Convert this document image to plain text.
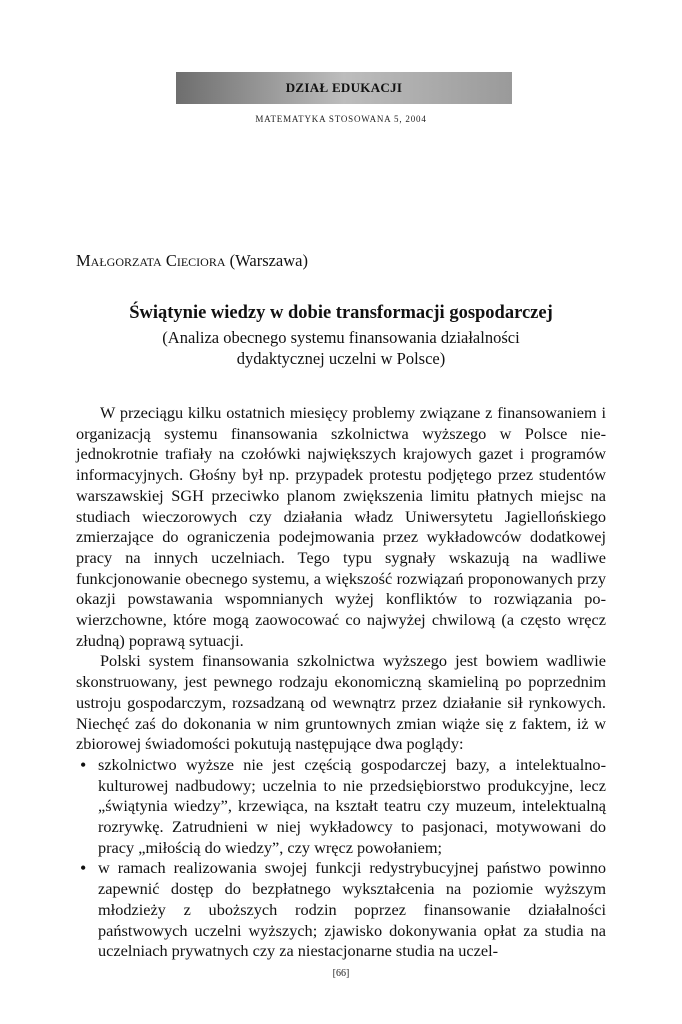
DZIAŁ EDUKACJI
MATEMATYKA STOSOWANA 5, 2004
Małgorzata Cieciora (Warszawa)
Świątynie wiedzy w dobie transformacji gospodarczej
(Analiza obecnego systemu finansowania działalności
dydaktycznej uczelni w Polsce)

W przeciągu kilku ostatnich miesięcy problemy związane z finansowaniem i organizacją systemu finansowania szkolnictwa wyższego w Polsce niejednokrotnie trafiały na czołówki największych krajowych gazet i programów informacyjnych. Głośny był np. przypadek protestu podjętego przez studentów warszawskiej SGH przeciwko planom zwiększenia limitu płatnych miejsc na studiach wieczorowych czy działania władz Uniwersytetu Jagiellońskiego zmierzające do ograniczenia podejmowania przez wykładowców dodatkowej pracy na innych uczelniach. Tego typu sygnały wskazują na wadliwe funkcjonowanie obecnego systemu, a większość rozwiązań proponowanych przy okazji powstawania wspomnianych wyżej konfliktów to rozwiązania powierzchowne, które mogą zaowocować co najwyżej chwilową (a często wręcz złudną) poprawą sytuacji.

Polski system finansowania szkolnictwa wyższego jest bowiem wadliwie skonstruowany, jest pewnego rodzaju ekonomiczną skamieliną po poprzednim ustroju gospodarczym, rozsadzaną od wewnątrz przez działanie sił rynkowych. Niechęć zaś do dokonania w nim gruntownych zmian wiąże się z faktem, iż w zbiorowej świadomości pokutują następujące dwa poglądy:

• szkolnictwo wyższe nie jest częścią gospodarczej bazy, a intelektualno-kulturowej nadbudowy; uczelnia to nie przedsiębiorstwo produkcyjne, lecz „świątynia wiedzy”, krzewiąca, na kształt teatru czy muzeum, intelektualną rozrywkę. Zatrudnieni w niej wykładowcy to pasjonaci, motywowani do pracy „miłością do wiedzy”, czy wręcz powołaniem;
• w ramach realizowania swojej funkcji redystrybucyjnej państwo powinno zapewnić dostęp do bezpłatnego wykształcenia na poziomie wyższym młodzieży z uboższych rodzin poprzez finansowanie działalności państwowych uczelni wyższych; zjawisko dokonywania opłat za studia na uczelniach prywatnych czy za niestacjonarne studia na uczel-
[66]
